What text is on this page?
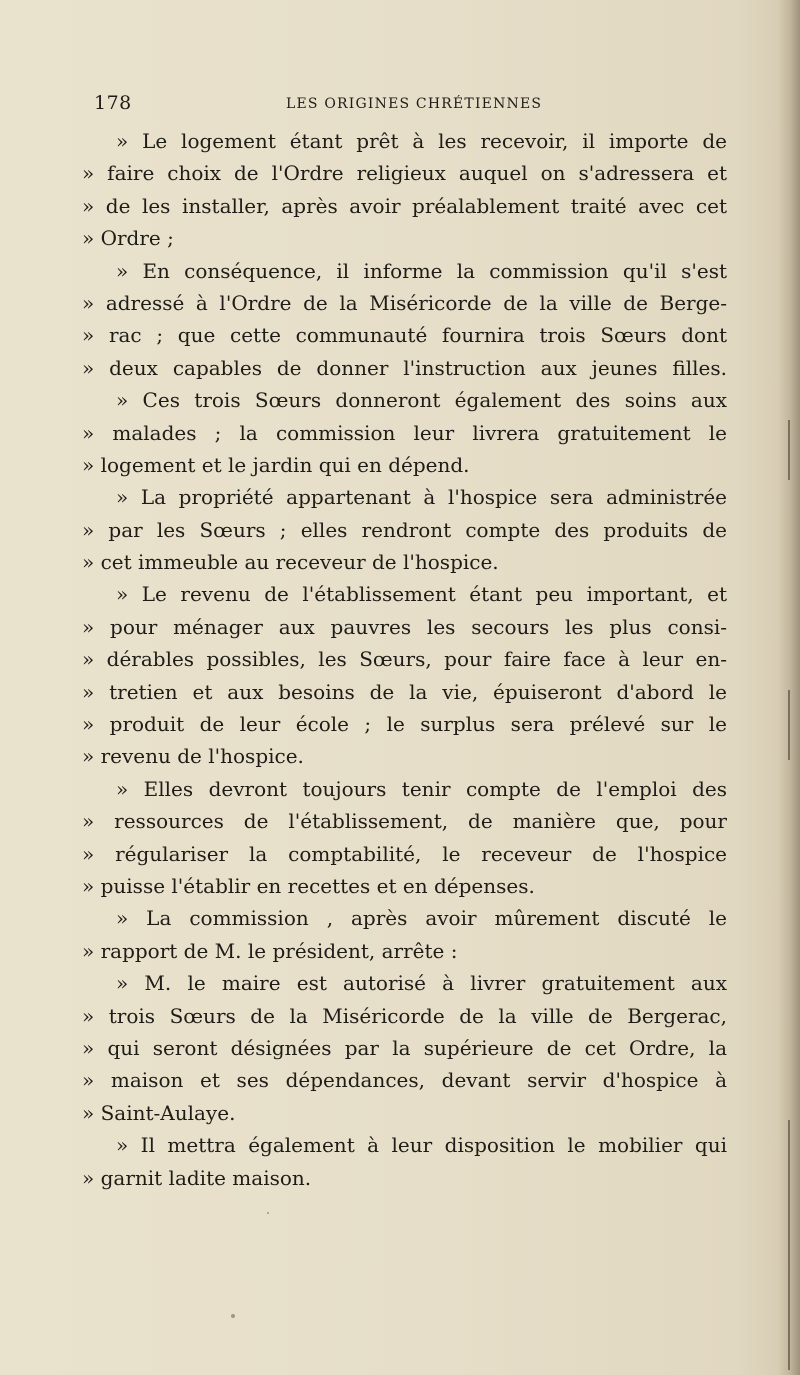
178	LES ORIGINES CHRÉTIENNES
» Le logement étant prêt à les recevoir, il importe de
» faire choix de l'Ordre religieux auquel on s'adressera et
» de les installer, après avoir préalablement traité avec cet
» Ordre ;
» En conséquence, il informe la commission qu'il s'est
» adressé à l'Ordre de la Miséricorde de la ville de Berge-
» rac ; que cette communauté fournira trois Sœurs dont
» deux capables de donner l'instruction aux jeunes filles.
» Ces trois Sœurs donneront également des soins aux
» malades ; la commission leur livrera gratuitement le
» logement et le jardin qui en dépend.
» La propriété appartenant à l'hospice sera administrée
» par les Sœurs ; elles rendront compte des produits de
» cet immeuble au receveur de l'hospice.
» Le revenu de l'établissement étant peu important, et
» pour ménager aux pauvres les secours les plus consi-
» dérables possibles, les Sœurs, pour faire face à leur en-
» tretien et aux besoins de la vie, épuiseront d'abord le
» produit de leur école ; le surplus sera prélevé sur le
» revenu de l'hospice.
» Elles devront toujours tenir compte de l'emploi des
» ressources de l'établissement, de manière que, pour
» régulariser la comptabilité, le receveur de l'hospice
» puisse l'établir en recettes et en dépenses.
» La commission , après avoir mûrement discuté le
» rapport de M. le président, arrête :
» M. le maire est autorisé à livrer gratuitement aux
» trois Sœurs de la Miséricorde de la ville de Bergerac,
» qui seront désignées par la supérieure de cet Ordre, la
» maison et ses dépendances, devant servir d'hospice à
» Saint-Aulaye.
» Il mettra également à leur disposition le mobilier qui
» garnit ladite maison.
